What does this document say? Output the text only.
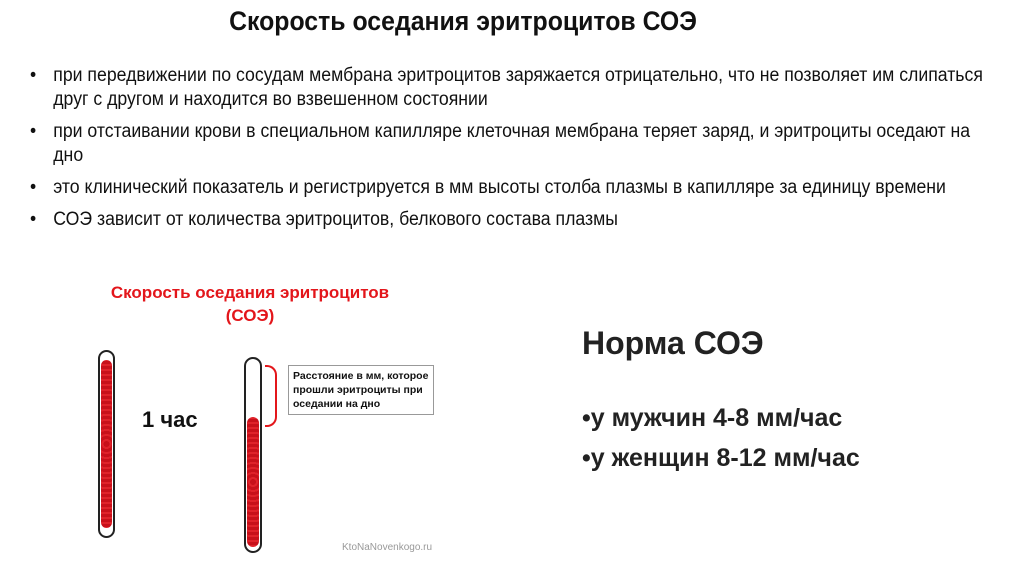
Скорость оседания эритроцитов СОЭ
• при передвижении по сосудам мембрана эритроцитов заряжается отрицательно, что не позволяет им слипаться друг с другом и находится во взвешенном состоянии
• при отстаивании крови в специальном капилляре клеточная мембрана теряет заряд, и эритроциты оседают на дно
• это клинический показатель и регистрируется в мм высоты столба плазмы в капилляре за единицу времени
• СОЭ зависит от количества эритроцитов, белкового состава плазмы
Скорость оседания эритроцитов
(СОЭ)
1 час
Расстояние в мм, которое прошли эритроциты при оседании на дно
KtoNaNovenkogo.ru
Норма СОЭ
•у мужчин 4-8 мм/час
•у женщин 8-12 мм/час
